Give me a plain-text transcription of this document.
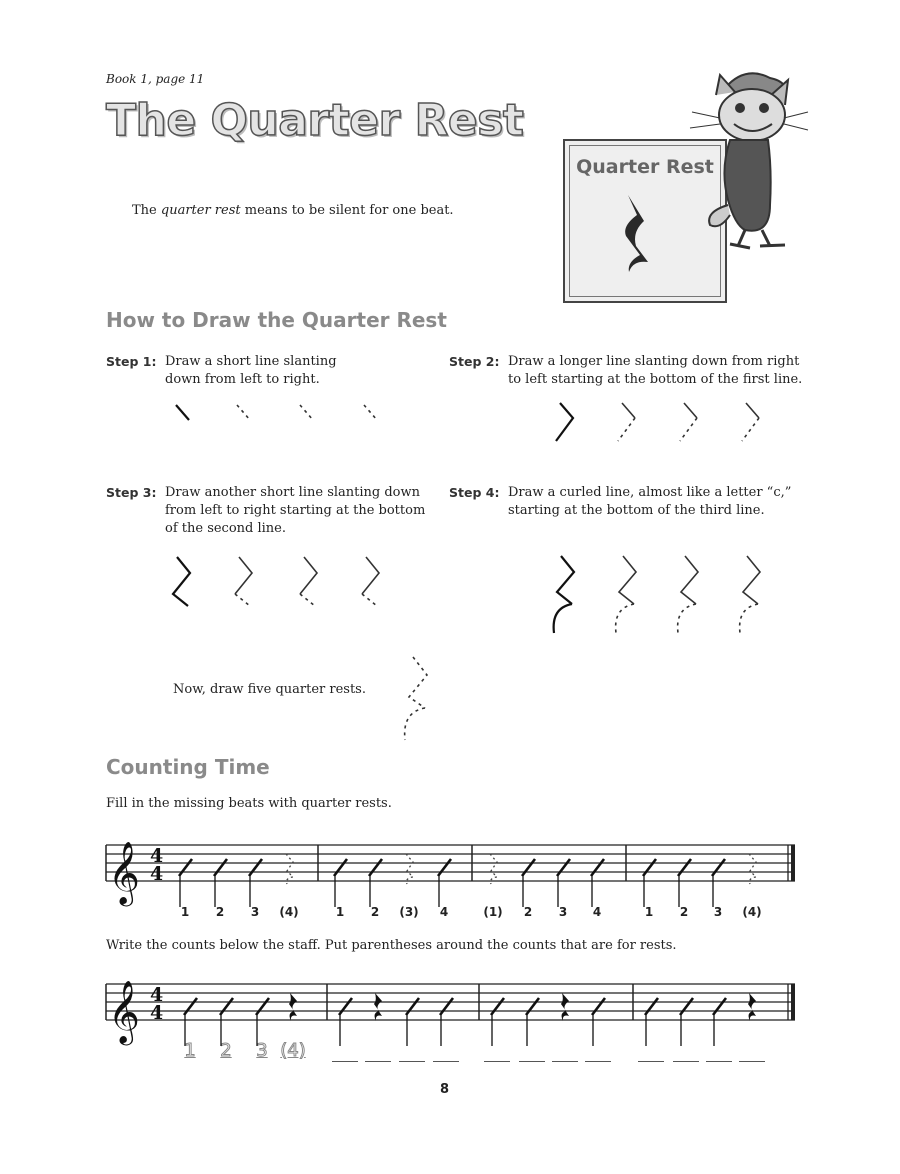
Book 1, page 11
The Quarter Rest
The quarter rest means to be silent for one beat.
Quarter Rest
How to Draw the Quarter Rest
Step 1: Draw a short line slanting
down from left to right.
Step 2: Draw a longer line slanting down from right
to left starting at the bottom of the first line.
Step 3: Draw another short line slanting down
from left to right starting at the bottom
of the second line.
Step 4: Draw a curled line, almost like a letter “c,”
starting at the bottom of the third line.
Now, draw five quarter rests.
Counting Time
Fill in the missing beats with quarter rests.
Write the counts below the staff. Put parentheses around the counts that are for rests.
1	2	3	(4)	1	2	(3)	4	(1)	2	3	4	1	2	3	(4)
1	2	3 (4)
8
𝄞 4
4
𝄞 4
4
